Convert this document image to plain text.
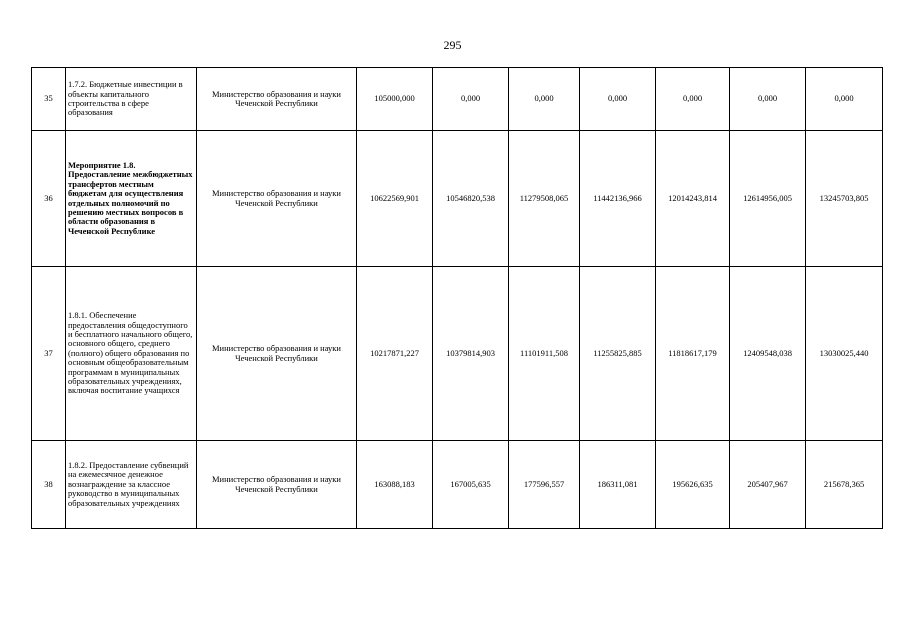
295
35	1.7.2. Бюджетные инвестиции в объекты капитального строительства в сфере образования	Министерство образования и науки Чеченской Республики	105000,000	0,000	0,000	0,000	0,000	0,000	0,000
36	Мероприятие 1.8. Предоставление межбюджетных трансфертов местным бюджетам для осуществления отдельных полномочий по решению местных вопросов в области образования в Чеченской Республике	Министерство образования и науки Чеченской Республики	10622569,901	10546820,538	11279508,065	11442136,966	12014243,814	12614956,005	13245703,805
37	1.8.1. Обеспечение предоставления общедоступного и бесплатного начального общего, основного общего, среднего (полного) общего образования по основным общеобразовательным программам в муниципальных образовательных учреждениях, включая воспитание учащихся	Министерство образования и науки Чеченской Республики	10217871,227	10379814,903	11101911,508	11255825,885	11818617,179	12409548,038	13030025,440
38	1.8.2. Предоставление субвенций на ежемесячное денежное вознаграждение за классное руководство в муниципальных образовательных учреждениях	Министерство образования и науки Чеченской Республики	163088,183	167005,635	177596,557	186311,081	195626,635	205407,967	215678,365
